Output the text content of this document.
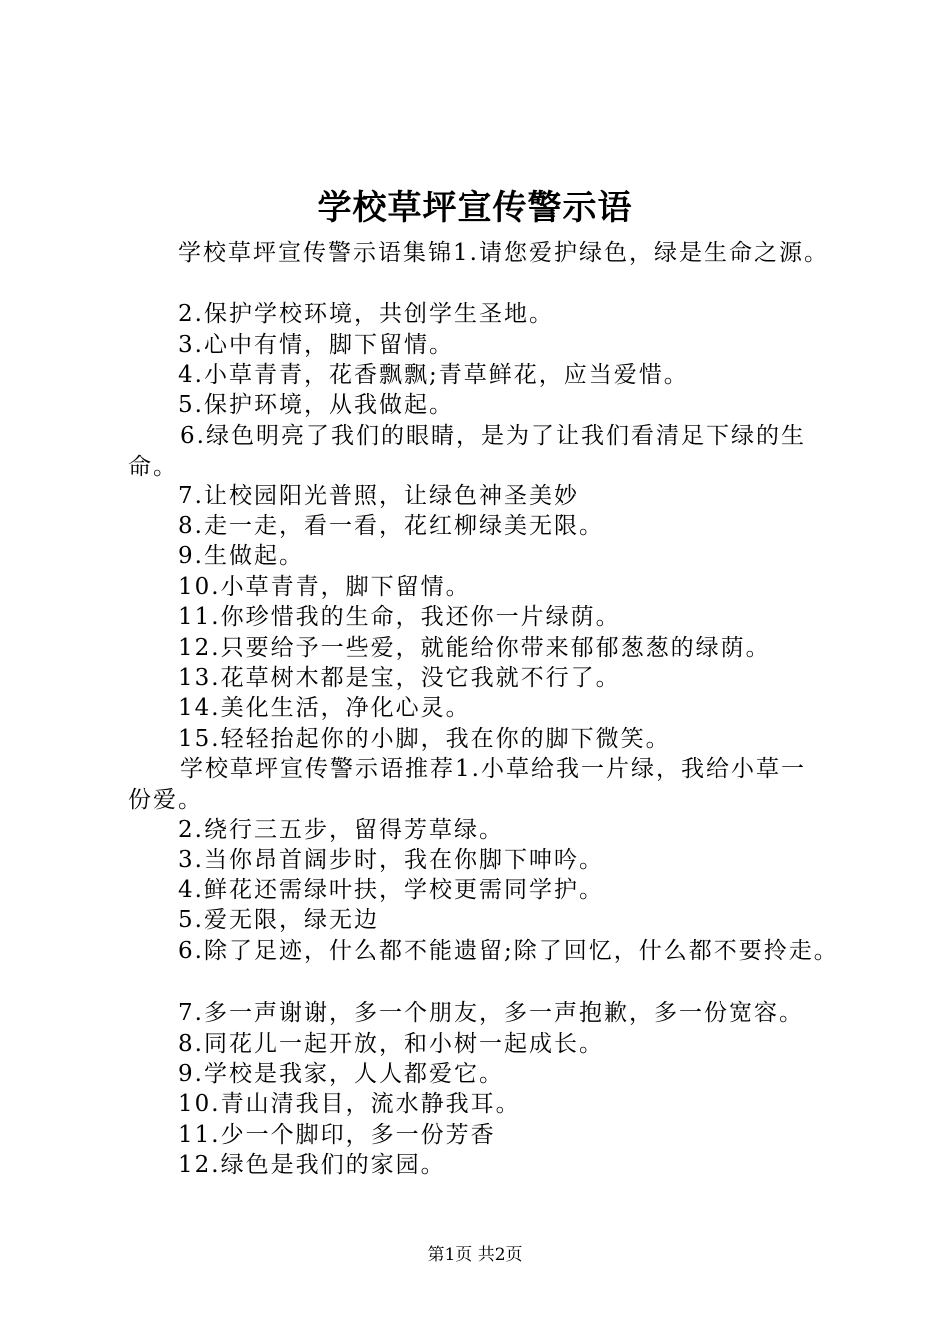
学校草坪宣传警示语
学校草坪宣传警示语集锦1.请您爱护绿色，绿是生命之源。
2.保护学校环境，共创学生圣地。
3.心中有情，脚下留情。
4.小草青青，花香飘飘;青草鲜花，应当爱惜。
5.保护环境，从我做起。
6.绿色明亮了我们的眼睛，是为了让我们看清足下绿的生
命。
7.让校园阳光普照，让绿色神圣美妙
8.走一走，看一看，花红柳绿美无限。
9.生做起。
10.小草青青，脚下留情。
11.你珍惜我的生命，我还你一片绿荫。
12.只要给予一些爱，就能给你带来郁郁葱葱的绿荫。
13.花草树木都是宝，没它我就不行了。
14.美化生活，净化心灵。
15.轻轻抬起你的小脚，我在你的脚下微笑。
学校草坪宣传警示语推荐1.小草给我一片绿，我给小草一
份爱。
2.绕行三五步，留得芳草绿。
3.当你昂首阔步时，我在你脚下呻吟。
4.鲜花还需绿叶扶，学校更需同学护。
5.爱无限，绿无边
6.除了足迹，什么都不能遗留;除了回忆，什么都不要拎走。
7.多一声谢谢，多一个朋友，多一声抱歉，多一份宽容。
8.同花儿一起开放，和小树一起成长。
9.学校是我家，人人都爱它。
10.青山清我目，流水静我耳。
11.少一个脚印，多一份芳香
12.绿色是我们的家园。
第1页 共2页
